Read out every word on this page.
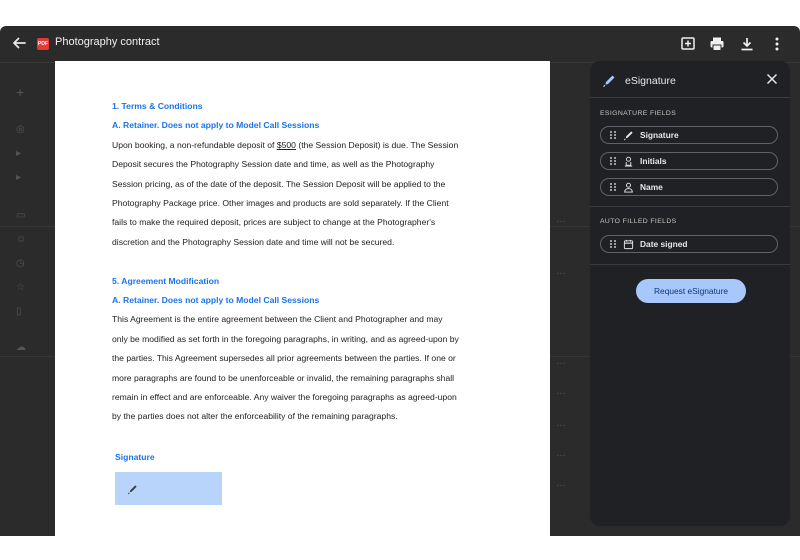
+
◎
▸
▸
▭
☺
◷
☆
▯
☁
…
…
…
…
…
…
…
PDF Photography contract

1. Terms & Conditions

A. Retainer. Does not apply to Model Call Sessions

Upon booking, a non-refundable deposit of $500 (the Session Deposit) is due. The Session

Deposit secures the Photography Session date and time, as well as the Photography

Session pricing, as of the date of the deposit. The Session Deposit will be applied to the

Photography Package price. Other images and products are sold separately. If the Client

fails to make the required deposit, prices are subject to change at the Photographer's

discretion and the Photography Session date and time will not be secured.

5. Agreement Modification

A. Retainer. Does not apply to Model Call Sessions

This Agreement is the entire agreement between the Client and Photographer and may

only be modified as set forth in the foregoing paragraphs, in writing, and as agreed-upon by

the parties. This Agreement supersedes all prior agreements between the parties. If one or

more paragraphs are found to be unenforceable or invalid, the remaining paragraphs shall

remain in effect and are enforceable. Any waiver the foregoing paragraphs as agreed-upon

by the parties does not alter the enforceability of the remaining paragraphs.

Signature
eSignature
ESIGNATURE FIELDS
Signature
Initials
Name
AUTO FILLED FIELDS
Date signed
Request eSignature
